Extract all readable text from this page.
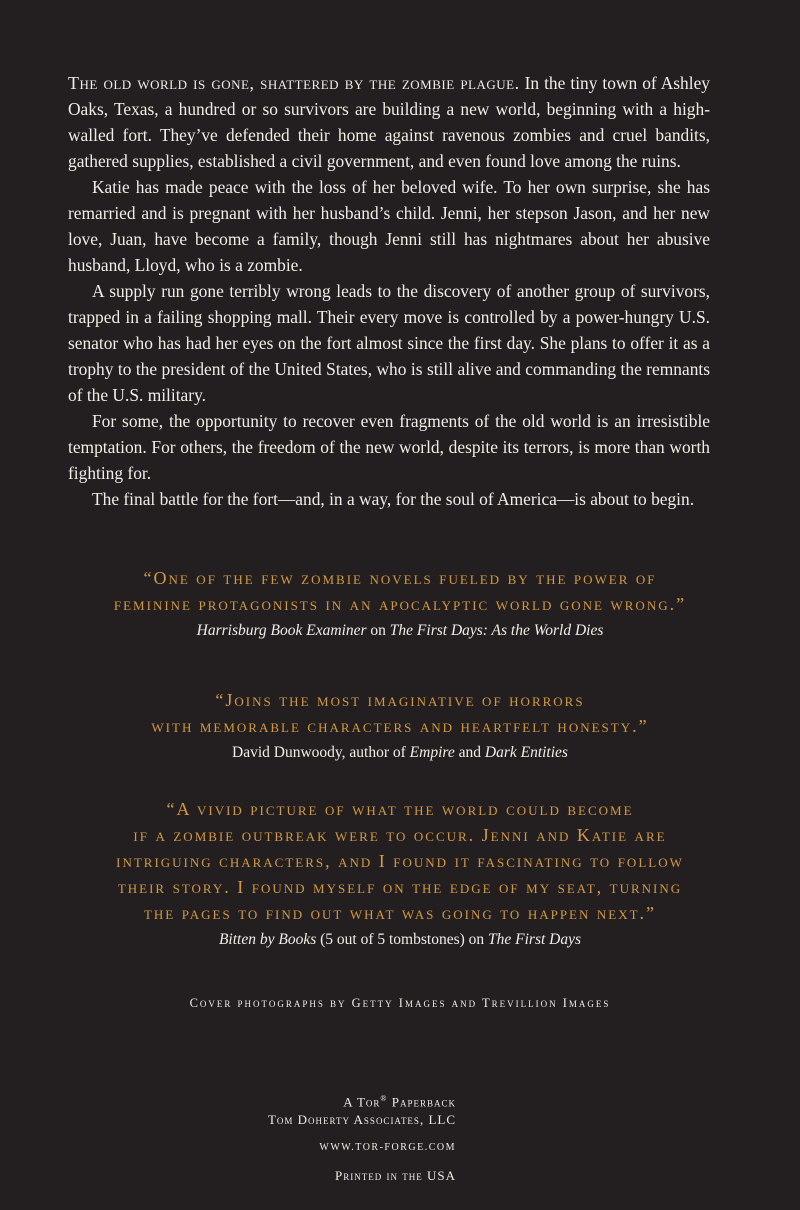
The old world is gone, shattered by the zombie plague. In the tiny town of Ashley Oaks, Texas, a hundred or so survivors are building a new world, beginning with a high-walled fort. They’ve defended their home against ravenous zombies and cruel bandits, gathered supplies, established a civil government, and even found love among the ruins.

Katie has made peace with the loss of her beloved wife. To her own surprise, she has remarried and is pregnant with her husband’s child. Jenni, her stepson Jason, and her new love, Juan, have become a family, though Jenni still has nightmares about her abusive husband, Lloyd, who is a zombie.

A supply run gone terribly wrong leads to the discovery of another group of survivors, trapped in a failing shopping mall. Their every move is controlled by a power-hungry U.S. senator who has had her eyes on the fort almost since the first day. She plans to offer it as a trophy to the president of the United States, who is still alive and commanding the remnants of the U.S. military.

For some, the opportunity to recover even fragments of the old world is an irresistible temptation. For others, the freedom of the new world, despite its terrors, is more than worth fighting for.

The final battle for the fort—and, in a way, for the soul of America—is about to begin.

“One of the few zombie novels fueled by the power of
feminine protagonists in an apocalyptic world gone wrong.”
Harrisburg Book Examiner on The First Days: As the World Dies
“Joins the most imaginative of horrors
with memorable characters and heartfelt honesty.”
David Dunwoody, author of Empire and Dark Entities
“A vivid picture of what the world could become
if a zombie outbreak were to occur. Jenni and Katie are
intriguing characters, and I found it fascinating to follow
their story. I found myself on the edge of my seat, turning
the pages to find out what was going to happen next.”
Bitten by Books (5 out of 5 tombstones) on The First Days
Cover photographs by Getty Images and Trevillion Images
A Tor® Paperback
Tom Doherty Associates, LLC
WWW.TOR-FORGE.COM
Printed in the USA
